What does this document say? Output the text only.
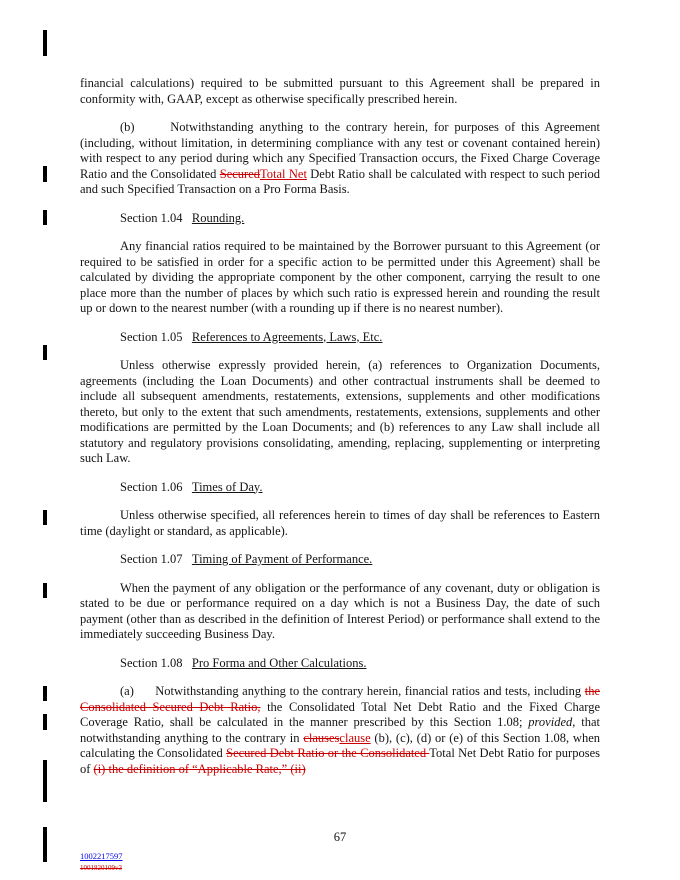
financial calculations) required to be submitted pursuant to this Agreement shall be prepared in conformity with, GAAP, except as otherwise specifically prescribed herein.

(b)      Notwithstanding anything to the contrary herein, for purposes of this Agreement (including, without limitation, in determining compliance with any test or covenant contained herein) with respect to any period during which any Specified Transaction occurs, the Fixed Charge Coverage Ratio and the Consolidated SecuredTotal Net Debt Ratio shall be calculated with respect to such period and such Specified Transaction on a Pro Forma Basis.

Section 1.04   Rounding.

Any financial ratios required to be maintained by the Borrower pursuant to this Agreement (or required to be satisfied in order for a specific action to be permitted under this Agreement) shall be calculated by dividing the appropriate component by the other component, carrying the result to one place more than the number of places by which such ratio is expressed herein and rounding the result up or down to the nearest number (with a rounding up if there is no nearest number).

Section 1.05   References to Agreements, Laws, Etc.

Unless otherwise expressly provided herein, (a) references to Organization Documents, agreements (including the Loan Documents) and other contractual instruments shall be deemed to include all subsequent amendments, restatements, extensions, supplements and other modifications thereto, but only to the extent that such amendments, restatements, extensions, supplements and other modifications are permitted by the Loan Documents; and (b) references to any Law shall include all statutory and regulatory provisions consolidating, amending, replacing, supplementing or interpreting such Law.

Section 1.06   Times of Day.

Unless otherwise specified, all references herein to times of day shall be references to Eastern time (daylight or standard, as applicable).

Section 1.07   Timing of Payment of Performance.

When the payment of any obligation or the performance of any covenant, duty or obligation is stated to be due or performance required on a day which is not a Business Day, the date of such payment (other than as described in the definition of Interest Period) or performance shall extend to the immediately succeeding Business Day.

Section 1.08   Pro Forma and Other Calculations.

(a)      Notwithstanding anything to the contrary herein, financial ratios and tests, including the Consolidated Secured Debt Ratio, the Consolidated Total Net Debt Ratio and the Fixed Charge Coverage Ratio, shall be calculated in the manner prescribed by this Section 1.08; provided, that notwithstanding anything to the contrary in clausesclause (b), (c), (d) or (e) of this Section 1.08, when calculating the Consolidated Secured Debt Ratio or the Consolidated Total Net Debt Ratio for purposes of (i) the definition of “Applicable Rate,” (ii)

67
1002217597
1001820109v3
